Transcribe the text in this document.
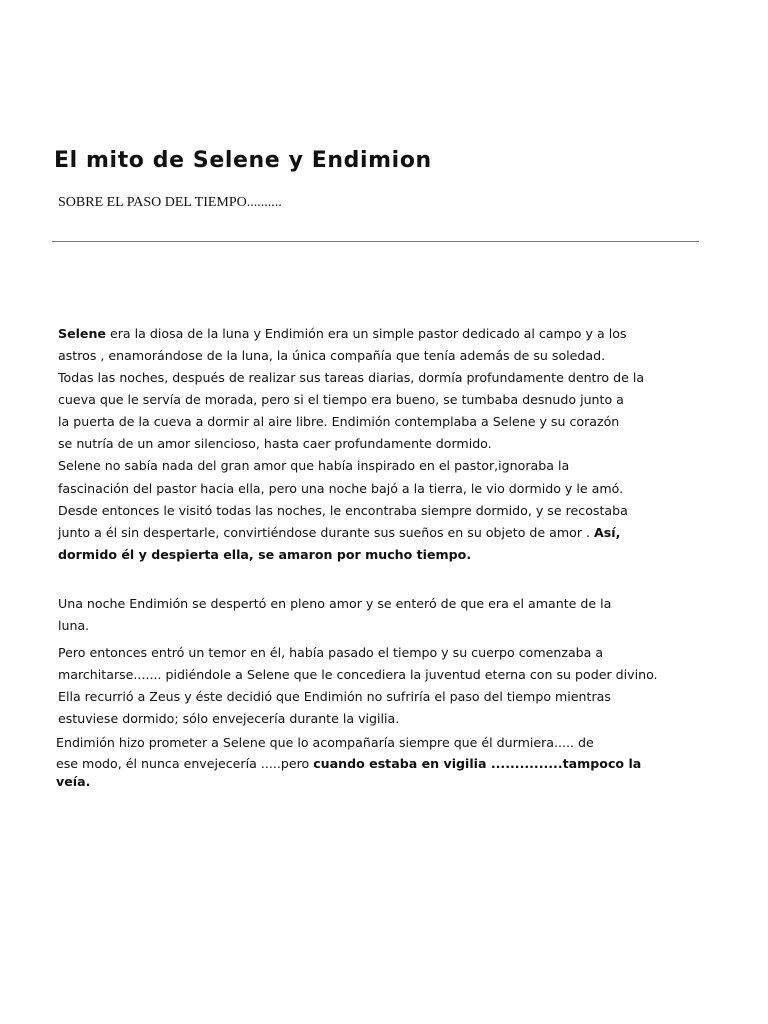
El mito de Selene y Endimion

SOBRE EL PASO DEL TIEMPO..........

Selene era la diosa de la luna y Endimión era un simple pastor dedicado al campo y a los

astros , enamorándose de la luna, la única compañía que tenía además de su soledad.

Todas las noches, después de realizar sus tareas diarias, dormía profundamente dentro de la

cueva que le servía de morada, pero si el tiempo era bueno, se tumbaba desnudo junto a

la puerta de la cueva a dormir al aire libre. Endimión contemplaba a Selene y su corazón

se nutría de un amor silencioso, hasta caer profundamente dormido.

Selene no sabía nada del gran amor que había inspirado en el pastor,ignoraba la

fascinación del pastor hacia ella, pero una noche bajó a la tierra, le vio dormido y le amó.

Desde entonces le visitó todas las noches, le encontraba siempre dormido, y se recostaba

junto a él sin despertarle, convirtiéndose durante sus sueños en su objeto de amor . Así,

dormido él y despierta ella, se amaron por mucho tiempo.

Una noche Endimión se despertó en pleno amor y se enteró de que era el amante de la

luna.

Pero entonces entró un temor en él, había pasado el tiempo y su cuerpo comenzaba a

marchitarse....... pidiéndole a Selene que le concediera la juventud eterna con su poder divino.

Ella recurrió a Zeus y éste decidió que Endimión no sufriría el paso del tiempo mientras

estuviese dormido; sólo envejecería durante la vigilia.

Endimión hizo prometer a Selene que lo acompañaría siempre que él durmiera..... de

ese modo, él nunca envejecería .....pero cuando estaba en vigilia ...............tampoco la

veía.
